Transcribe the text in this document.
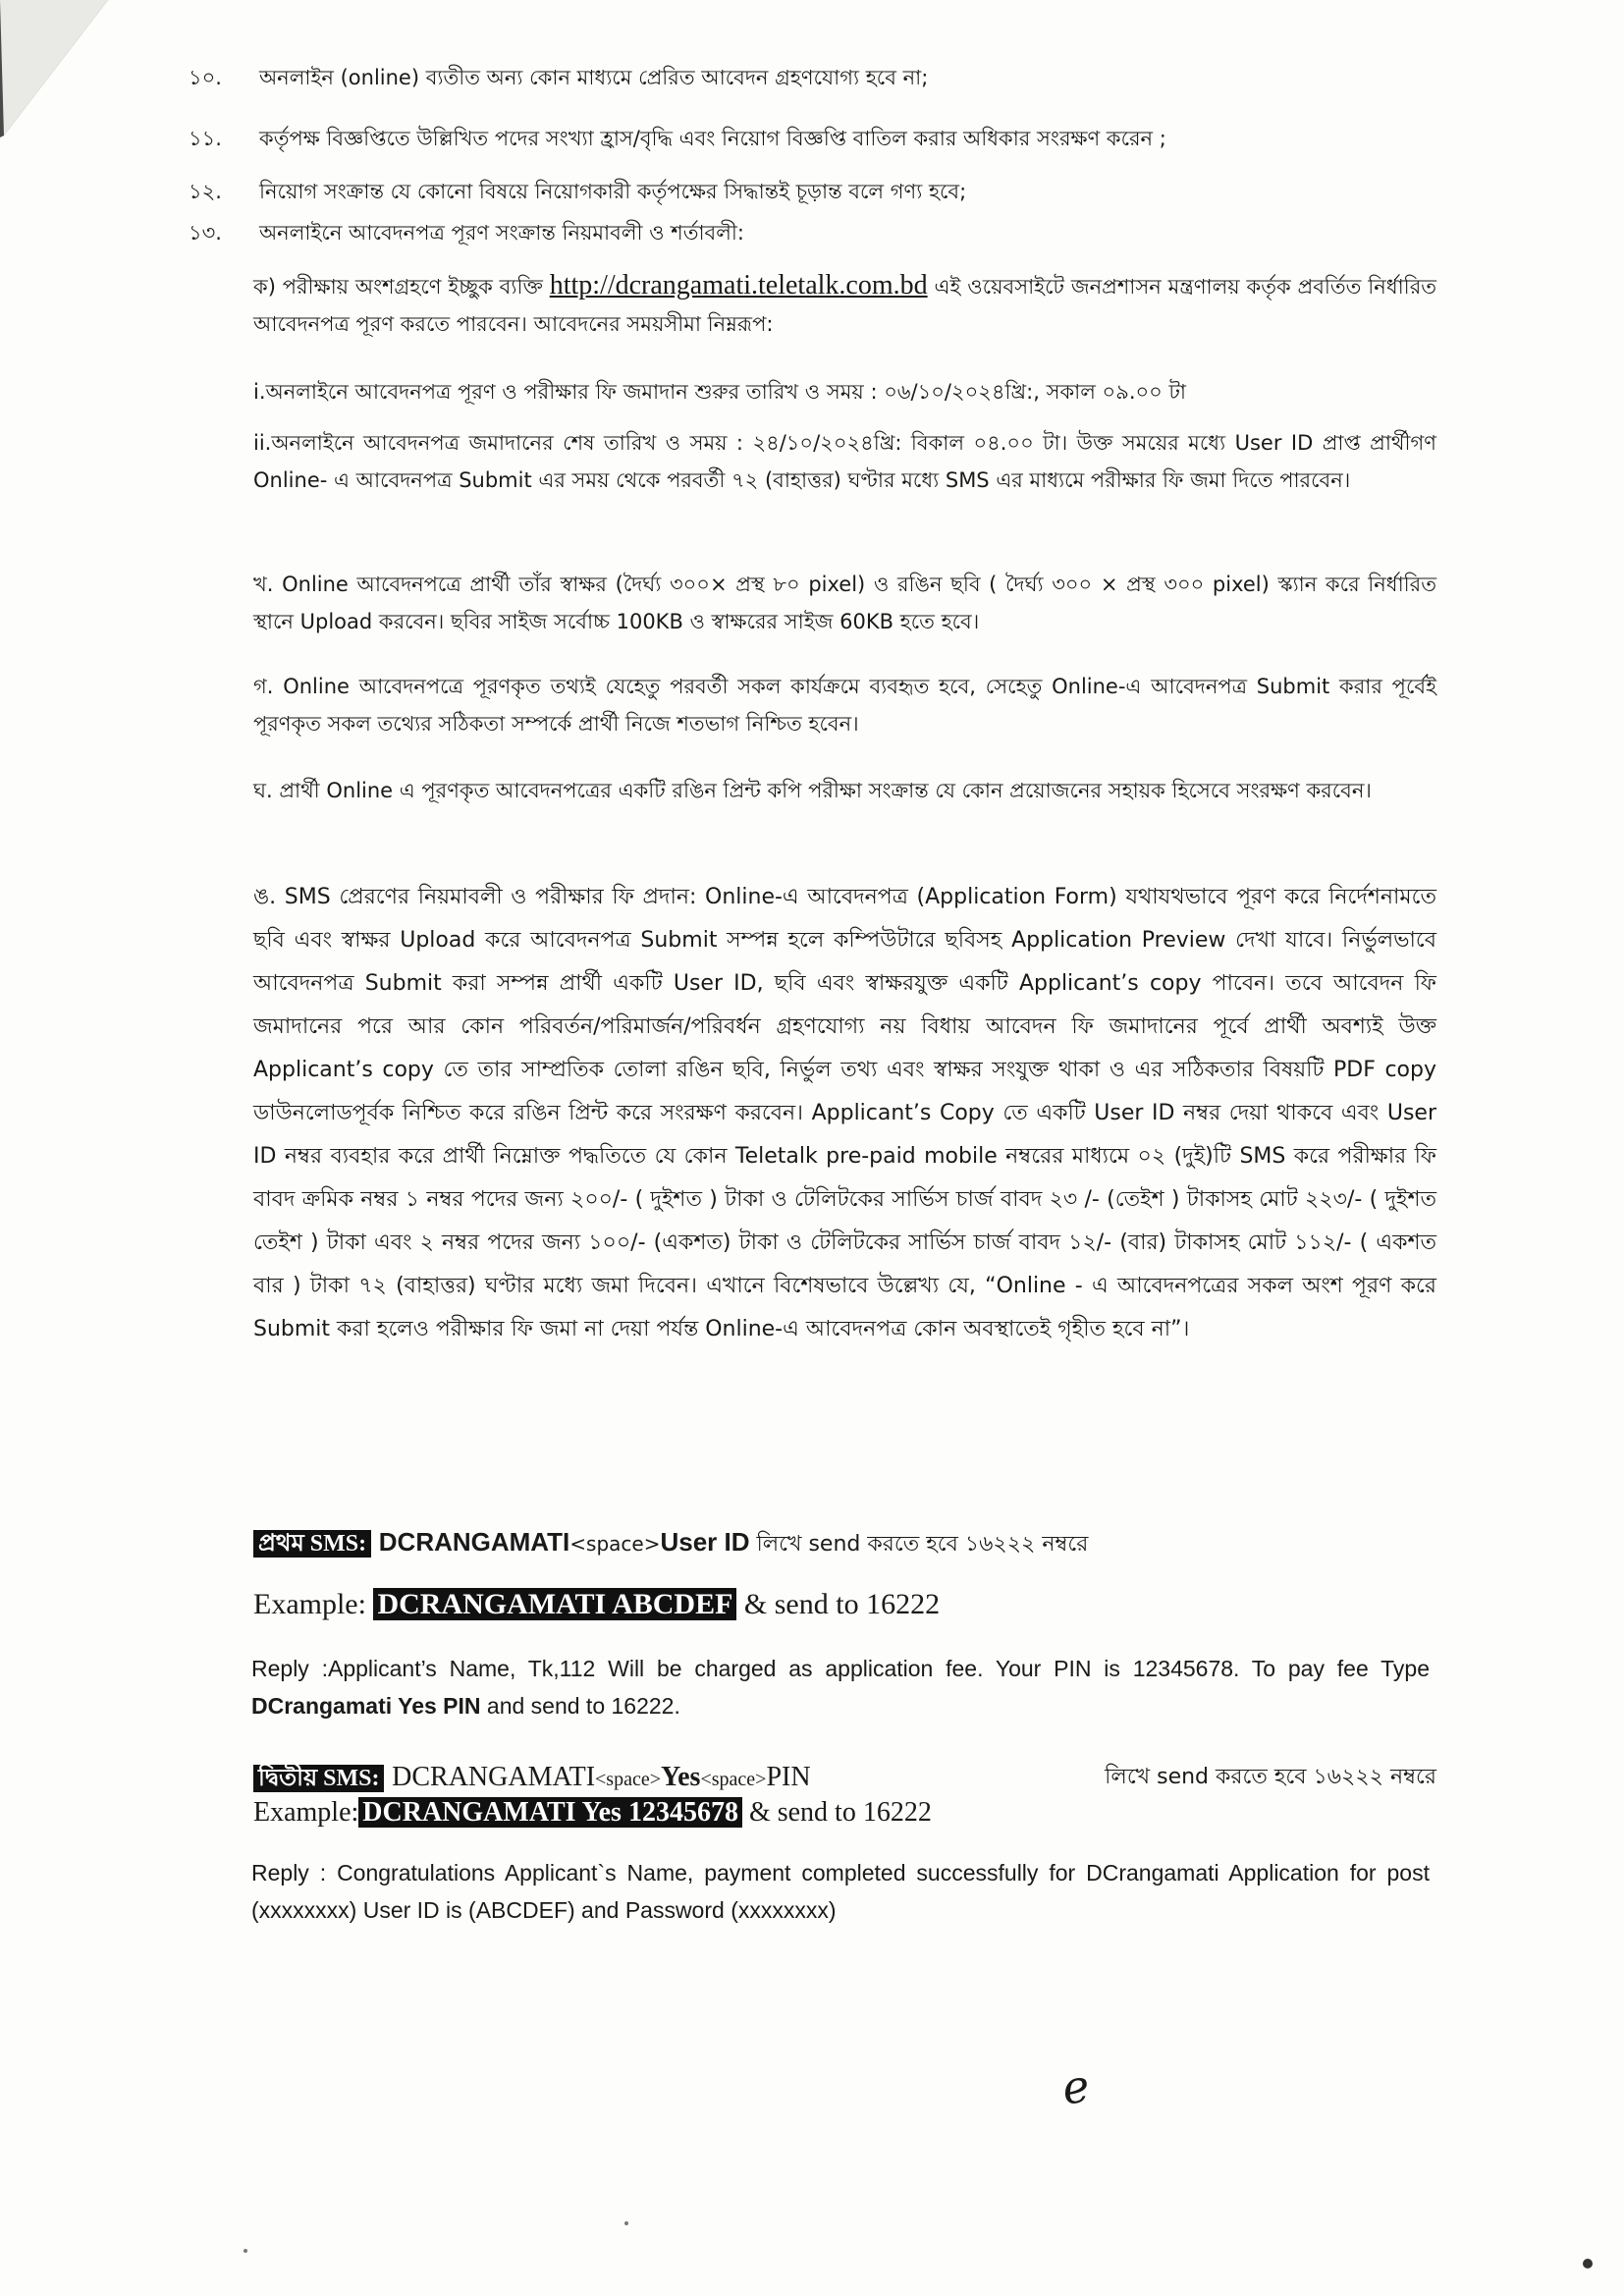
১০.	অনলাইন (online) ব্যতীত অন্য কোন মাধ্যমে প্রেরিত আবেদন গ্রহণযোগ্য হবে না;
১১.	কর্তৃপক্ষ বিজ্ঞপ্তিতে উল্লিখিত পদের সংখ্যা হ্রাস/বৃদ্ধি এবং নিয়োগ বিজ্ঞপ্তি বাতিল করার অধিকার সংরক্ষণ করেন ;
১২.	নিয়োগ সংক্রান্ত যে কোনো বিষয়ে নিয়োগকারী কর্তৃপক্ষের সিদ্ধান্তই চূড়ান্ত বলে গণ্য হবে;
১৩.	অনলাইনে আবেদনপত্র পূরণ সংক্রান্ত নিয়মাবলী ও শর্তাবলী:
ক) পরীক্ষায় অংশগ্রহণে ইচ্ছুক ব্যক্তি http://dcrangamati.teletalk.com.bd এই ওয়েবসাইটে জনপ্রশাসন মন্ত্রণালয় কর্তৃক প্রবর্তিত নির্ধারিত আবেদনপত্র পূরণ করতে পারবেন। আবেদনের সময়সীমা নিম্নরূপ:
i.অনলাইনে আবেদনপত্র পূরণ ও পরীক্ষার ফি জমাদান শুরুর তারিখ ও সময় : ০৬/১০/২০২৪খ্রি:, সকাল ০৯.০০ টা
ii.অনলাইনে আবেদনপত্র জমাদানের শেষ তারিখ ও সময় : ২৪/১০/২০২৪খ্রি: বিকাল ০৪.০০ টা। উক্ত সময়ের মধ্যে User ID প্রাপ্ত প্রার্থীগণ Online- এ আবেদনপত্র Submit এর সময় থেকে পরবর্তী ৭২ (বাহাত্তর) ঘণ্টার মধ্যে SMS এর মাধ্যমে পরীক্ষার ফি জমা দিতে পারবেন।
খ. Online আবেদনপত্রে প্রার্থী তাঁর স্বাক্ষর (দৈর্ঘ্য ৩০০× প্রস্থ ৮০ pixel) ও রঙিন ছবি ( দৈর্ঘ্য ৩০০ × প্রস্থ ৩০০ pixel) স্ক্যান করে নির্ধারিত স্থানে Upload করবেন। ছবির সাইজ সর্বোচ্চ 100KB ও স্বাক্ষরের সাইজ 60KB হতে হবে।
গ. Online আবেদনপত্রে পূরণকৃত তথ্যই যেহেতু পরবর্তী সকল কার্যক্রমে ব্যবহৃত হবে, সেহেতু Online-এ আবেদনপত্র Submit করার পূর্বেই পূরণকৃত সকল তথ্যের সঠিকতা সম্পর্কে প্রার্থী নিজে শতভাগ নিশ্চিত হবেন।
ঘ. প্রার্থী Online এ পূরণকৃত আবেদনপত্রের একটি রঙিন প্রিন্ট কপি পরীক্ষা সংক্রান্ত যে কোন প্রয়োজনের সহায়ক হিসেবে সংরক্ষণ করবেন।
ঙ. SMS প্রেরণের নিয়মাবলী ও পরীক্ষার ফি প্রদান: Online-এ আবেদনপত্র (Application Form) যথাযথভাবে পূরণ করে নির্দেশনামতে ছবি এবং স্বাক্ষর Upload করে আবেদনপত্র Submit সম্পন্ন হলে কম্পিউটারে ছবিসহ Application Preview দেখা যাবে। নির্ভুলভাবে আবেদনপত্র Submit করা সম্পন্ন প্রার্থী একটি User ID, ছবি এবং স্বাক্ষরযুক্ত একটি Applicant’s copy পাবেন। তবে আবেদন ফি জমাদানের পরে আর কোন পরিবর্তন/পরিমার্জন/পরিবর্ধন গ্রহণযোগ্য নয় বিধায় আবেদন ফি জমাদানের পূর্বে প্রার্থী অবশ্যই উক্ত Applicant’s copy তে তার সাম্প্রতিক তোলা রঙিন ছবি, নির্ভুল তথ্য এবং স্বাক্ষর সংযুক্ত থাকা ও এর সঠিকতার বিষয়টি PDF copy ডাউনলোডপূর্বক নিশ্চিত করে রঙিন প্রিন্ট করে সংরক্ষণ করবেন। Applicant’s Copy তে একটি User ID নম্বর দেয়া থাকবে এবং User ID নম্বর ব্যবহার করে প্রার্থী নিম্নোক্ত পদ্ধতিতে যে কোন Teletalk pre-paid mobile নম্বরের মাধ্যমে ০২ (দুই)টি SMS করে পরীক্ষার ফি বাবদ ক্রমিক নম্বর ১ নম্বর পদের জন্য ২০০/- ( দুইশত ) টাকা ও টেলিটকের সার্ভিস চার্জ বাবদ ২৩ /- (তেইশ ) টাকাসহ মোট ২২৩/- ( দুইশত তেইশ ) টাকা এবং ২ নম্বর পদের জন্য ১০০/- (একশত) টাকা ও টেলিটকের সার্ভিস চার্জ বাবদ ১২/- (বার) টাকাসহ মোট ১১২/- ( একশত বার ) টাকা ৭২ (বাহাত্তর) ঘণ্টার মধ্যে জমা দিবেন। এখানে বিশেষভাবে উল্লেখ্য যে, “Online - এ আবেদনপত্রের সকল অংশ পূরণ করে Submit করা হলেও পরীক্ষার ফি জমা না দেয়া পর্যন্ত Online-এ আবেদনপত্র কোন অবস্থাতেই গৃহীত হবে না”।
প্রথম SMS: DCRANGAMATI<space>User ID লিখে send করতে হবে ১৬২২২ নম্বরে
Example: DCRANGAMATI ABCDEF & send to 16222
Reply :Applicant’s Name, Tk,112 Will be charged as application fee. Your PIN is 12345678. To pay fee Type DCrangamati Yes PIN and send to 16222.
দ্বিতীয় SMS: DCRANGAMATI<space>Yes<space>PIN	লিখে send করতে হবে ১৬২২২ নম্বরে
Example: DCRANGAMATI Yes 12345678 & send to 16222
Reply : Congratulations Applicant`s Name, payment completed successfully for DCrangamati Application for post (xxxxxxxx) User ID is (ABCDEF) and Password (xxxxxxxx)
e
